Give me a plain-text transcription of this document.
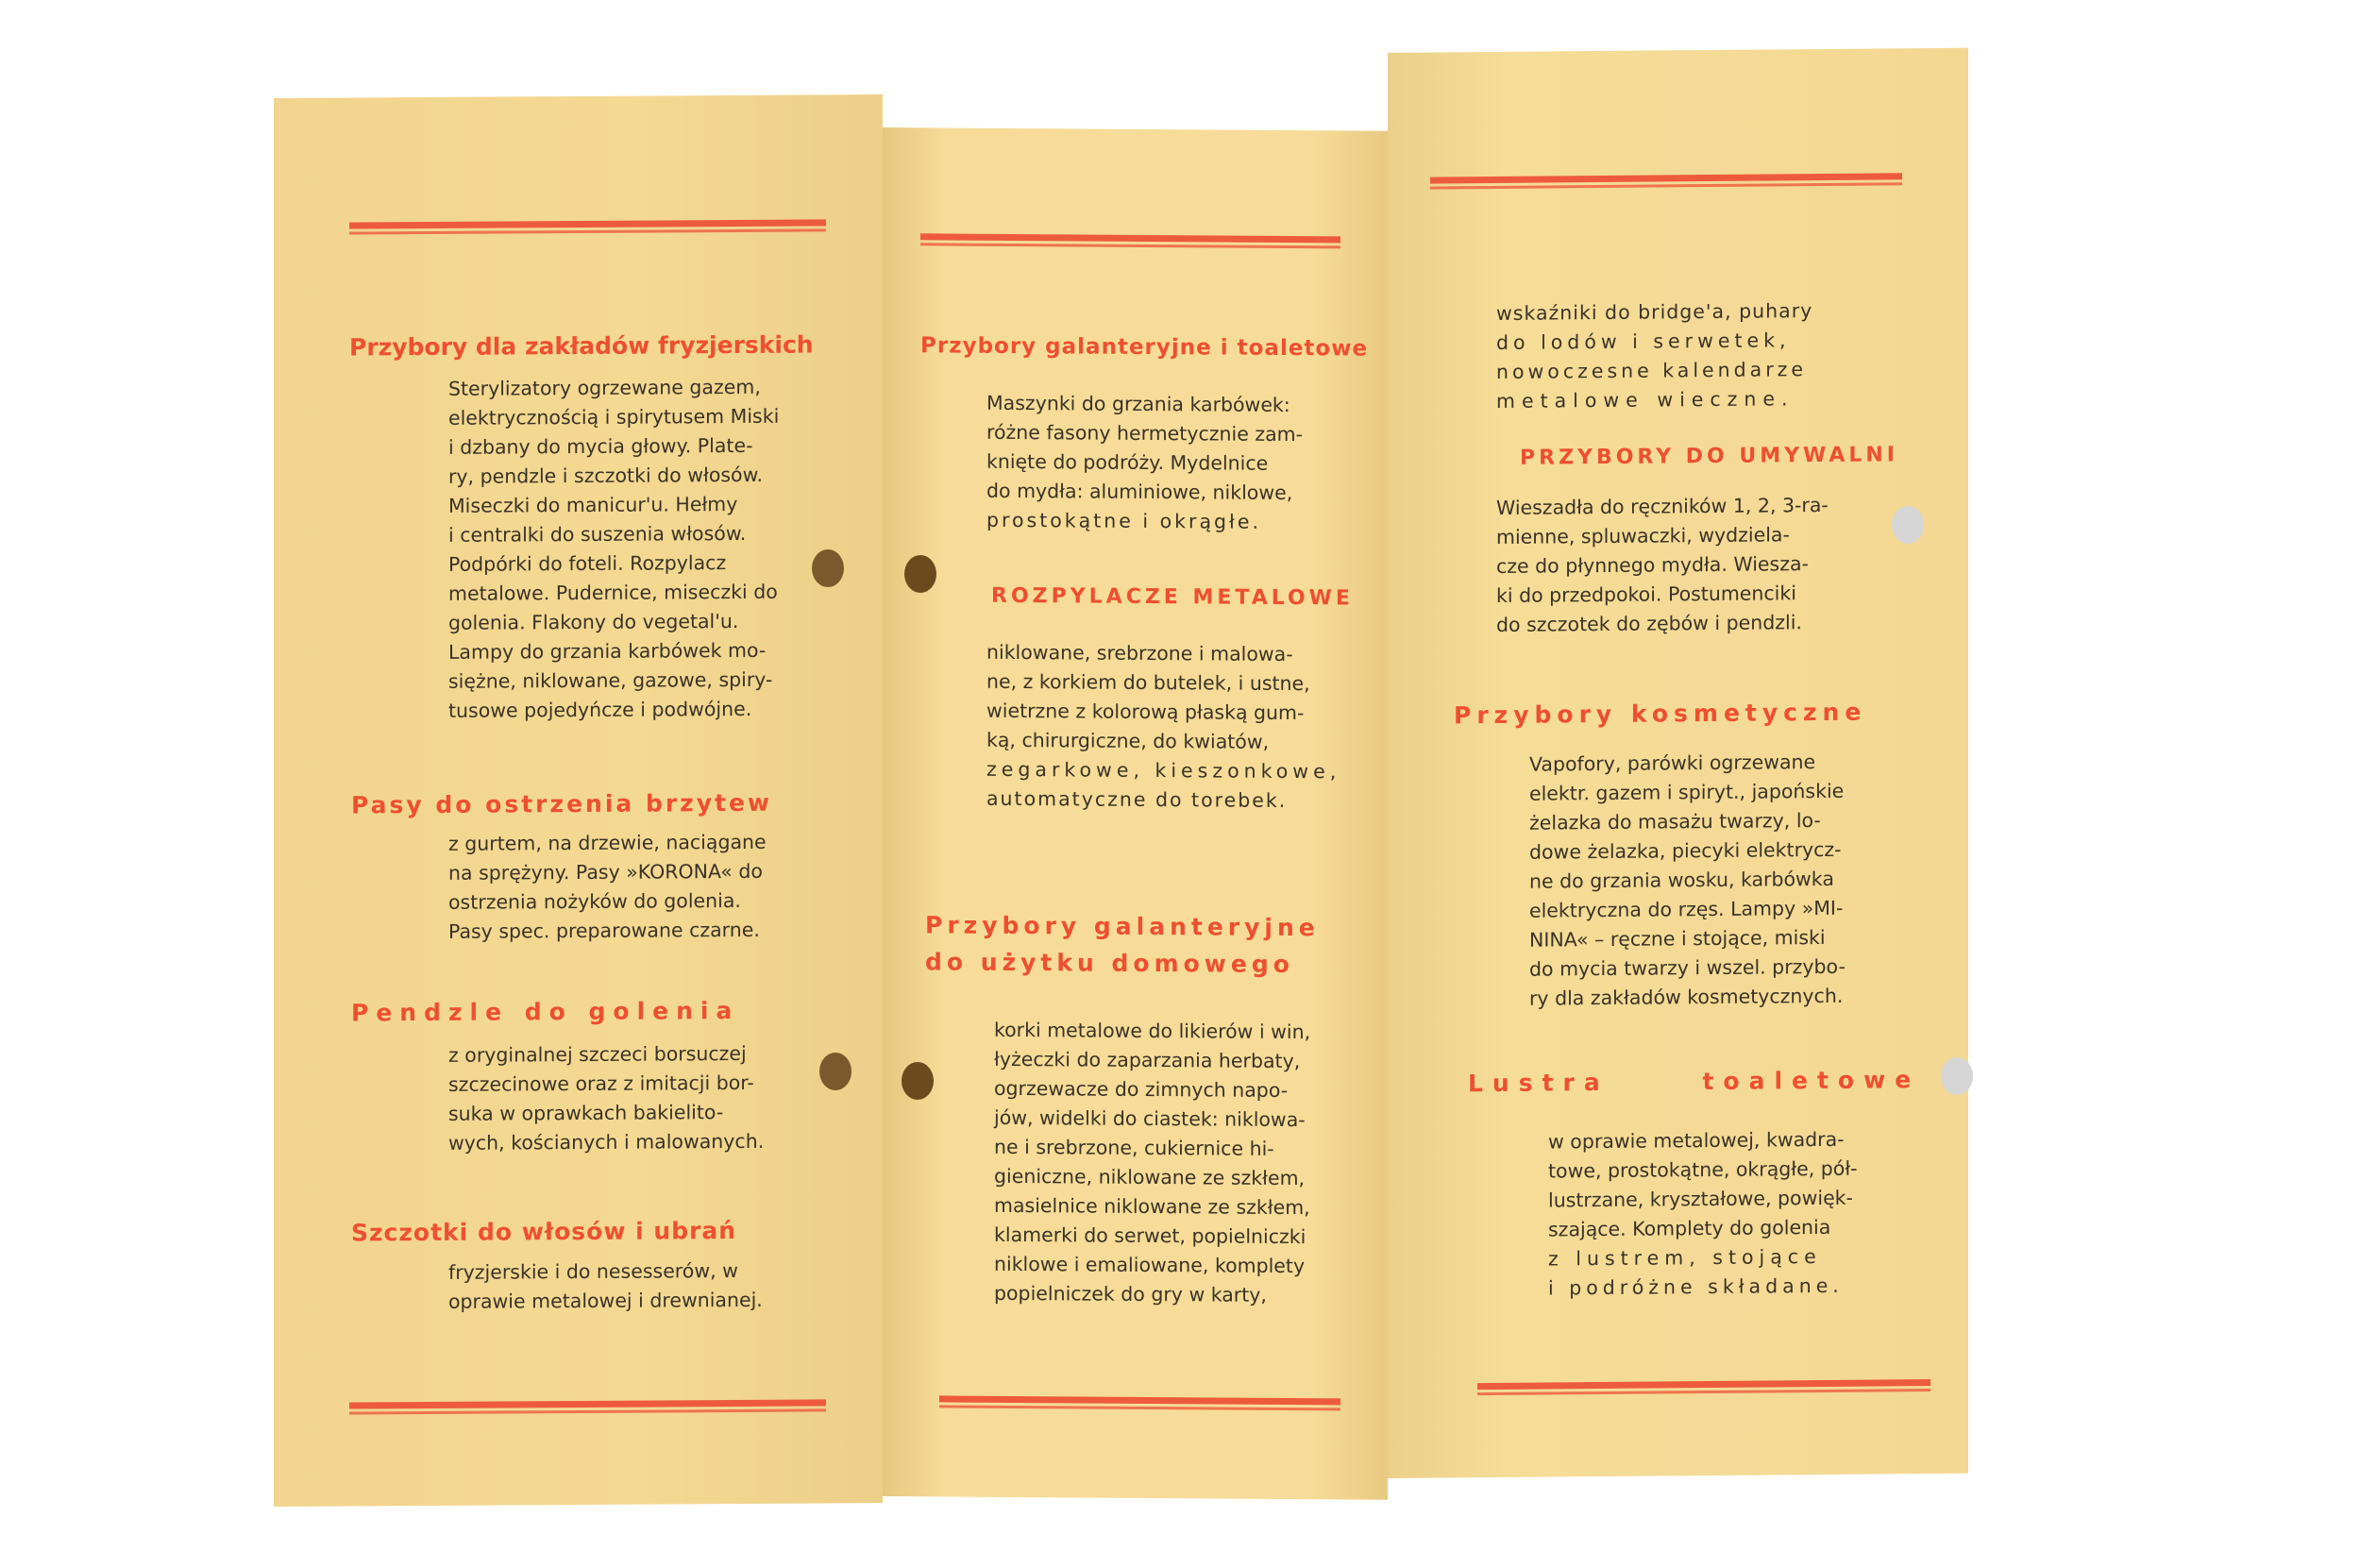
Przybory dla zakładów fryzjerskich
Sterylizatory ogrzewane gazem,
elektrycznością i spirytusem Miski
i dzbany do mycia głowy. Plate-
ry, pendzle i szczotki do włosów.
Miseczki do manicur'u. Hełmy
i centralki do suszenia włosów.
Podpórki do foteli. Rozpylacz
metalowe. Pudernice, miseczki do
golenia. Flakony do vegetal'u.
Lampy do grzania karbówek mo-
siężne, niklowane, gazowe, spiry-
tusowe pojedyńcze i podwójne.
Pasy do ostrzenia brzytew
z gurtem, na drzewie, naciągane
na sprężyny. Pasy »KORONA« do
ostrzenia nożyków do golenia.
Pasy spec. preparowane czarne.
Pendzle do golenia
z oryginalnej szczeci borsuczej
szczecinowe oraz z imitacji bor-
suka w oprawkach bakielito-
wych, kościanych i malowanych.
Szczotki do włosów i ubrań
fryzjerskie i do nesesserów, w
oprawie metalowej i drewnianej.
Przybory galanteryjne i toaletowe
Maszynki do grzania karbówek:
różne fasony hermetycznie zam-
knięte do podróży. Mydelnice
do mydła: aluminiowe, niklowe,
prostokątne i okrągłe.
ROZPYLACZE METALOWE
niklowane, srebrzone i malowa-
ne, z korkiem do butelek, i ustne,
wietrzne z kolorową płaską gum-
ką, chirurgiczne, do kwiatów,
zegarkowe, kieszonkowe,
automatyczne do torebek.
Przybory galanteryjne
do użytku domowego
korki metalowe do likierów i win,
łyżeczki do zaparzania herbaty,
ogrzewacze do zimnych napo-
jów, widelki do ciastek: niklowa-
ne i srebrzone, cukiernice hi-
gieniczne, niklowane ze szkłem,
masielnice niklowane ze szkłem,
klamerki do serwet, popielniczki
niklowe i emaliowane, komplety
popielniczek do gry w karty,
wskaźniki do bridge'a, puhary
do lodów i serwetek,
nowoczesne kalendarze
metalowe wieczne.
PRZYBORY DO UMYWALNI
Wieszadła do ręczników 1, 2, 3-ra-
mienne, spluwaczki, wydziela-
cze do płynnego mydła. Wiesza-
ki do przedpokoi. Postumenciki
do szczotek do zębów i pendzli.
Przybory kosmetyczne
Vapofory, parówki ogrzewane
elektr. gazem i spiryt., japońskie
żelazka do masażu twarzy, lo-
dowe żelazka, piecyki elektrycz-
ne do grzania wosku, karbówka
elektryczna do rzęs. Lampy »MI-
NINA« – ręczne i stojące, miski
do mycia twarzy i wszel. przybo-
ry dla zakładów kosmetycznych.
Lustra toaletowe
w oprawie metalowej, kwadra-
towe, prostokątne, okrągłe, pół-
lustrzane, kryształowe, powięk-
szające. Komplety do golenia
z lustrem, stojące
i podróżne składane.
